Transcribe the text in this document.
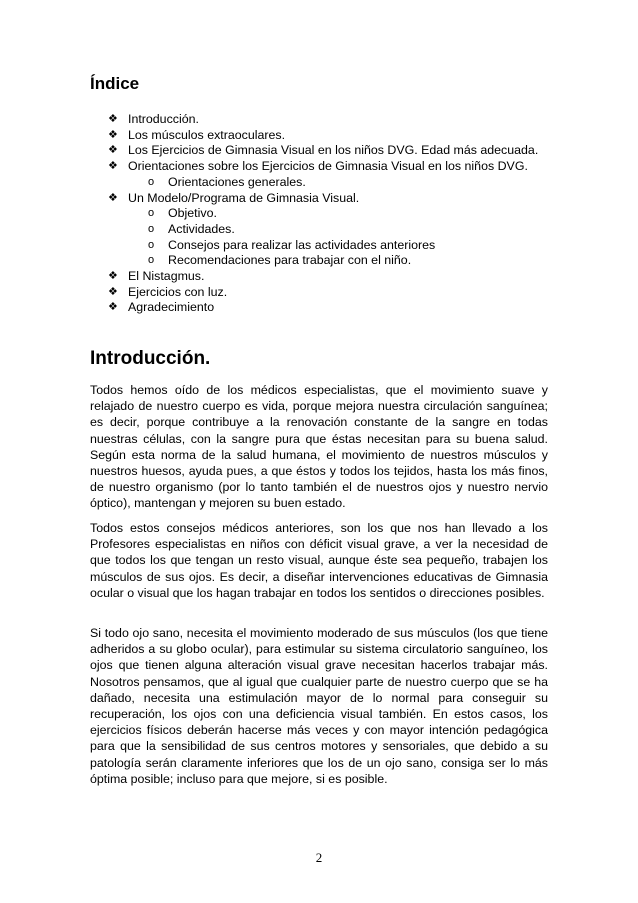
Índice
❖ Introducción.
❖ Los músculos extraoculares.
❖ Los Ejercicios de Gimnasia Visual en los niños DVG. Edad más adecuada.
❖ Orientaciones sobre los Ejercicios de Gimnasia Visual en los niños DVG.
o Orientaciones generales.
❖ Un Modelo/Programa de Gimnasia Visual.
o Objetivo.
o Actividades.
o Consejos para realizar las actividades anteriores
o Recomendaciones para trabajar con el niño.
❖ El Nistagmus.
❖ Ejercicios con luz.
❖ Agradecimiento
Introducción.

Todos hemos oído de los médicos especialistas, que el movimiento suave y relajado de nuestro cuerpo es vida, porque mejora nuestra circulación sanguínea; es decir, porque contribuye a la renovación constante de la sangre en todas nuestras células, con la sangre pura que éstas necesitan para su buena salud. Según esta norma de la salud humana, el movimiento de nuestros músculos y nuestros huesos, ayuda pues, a que éstos y todos los tejidos, hasta los más finos, de nuestro organismo (por lo tanto también el de nuestros ojos y nuestro nervio óptico), mantengan y mejoren su buen estado.

Todos estos consejos médicos anteriores, son los que nos han llevado a los Profesores especialistas en niños con déficit visual grave, a ver la necesidad de que todos los que tengan un resto visual, aunque éste sea pequeño, trabajen los músculos de sus ojos. Es decir, a diseñar intervenciones educativas de Gimnasia ocular o visual que los hagan trabajar en todos los sentidos o direcciones posibles.

Si todo ojo sano, necesita el movimiento moderado de sus músculos (los que tiene adheridos a su globo ocular), para estimular su sistema circulatorio sanguíneo, los ojos que tienen alguna alteración visual grave necesitan hacerlos trabajar más. Nosotros pensamos, que al igual que cualquier parte de nuestro cuerpo que se ha dañado, necesita una estimulación mayor de lo normal para conseguir su recuperación, los ojos con una deficiencia visual también. En estos casos, los ejercicios físicos deberán hacerse más veces y con mayor intención pedagógica para que la sensibilidad de sus centros motores y sensoriales, que debido a su patología serán claramente inferiores que los de un ojo sano, consiga ser lo más óptima posible; incluso para que mejore, si es posible.

2
